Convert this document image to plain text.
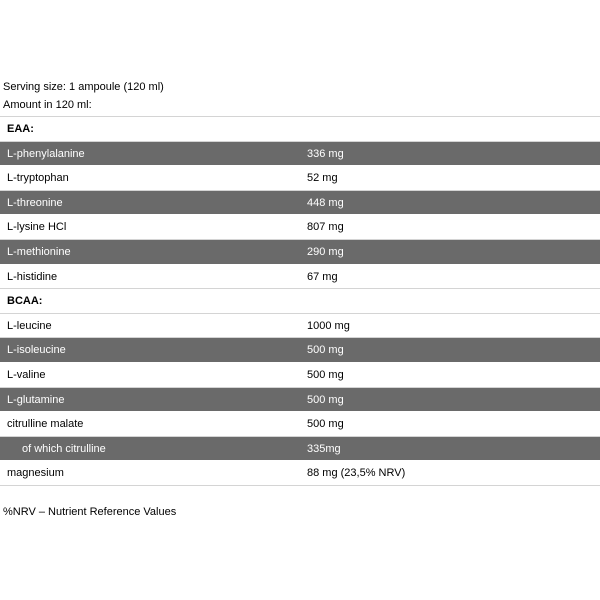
Serving size: 1 ampoule (120 ml)
Amount in 120 ml:
EAA:
L-phenylalanine	336 mg
L-tryptophan	52 mg
L-threonine	448 mg
L-lysine HCl	807 mg
L-methionine	290 mg
L-histidine	67 mg
BCAA:
L-leucine	1000 mg
L-isoleucine	500 mg
L-valine	500 mg
L-glutamine	500 mg
citrulline malate	500 mg
of which citrulline	335mg
magnesium	88 mg (23,5% NRV)
%NRV – Nutrient Reference Values
